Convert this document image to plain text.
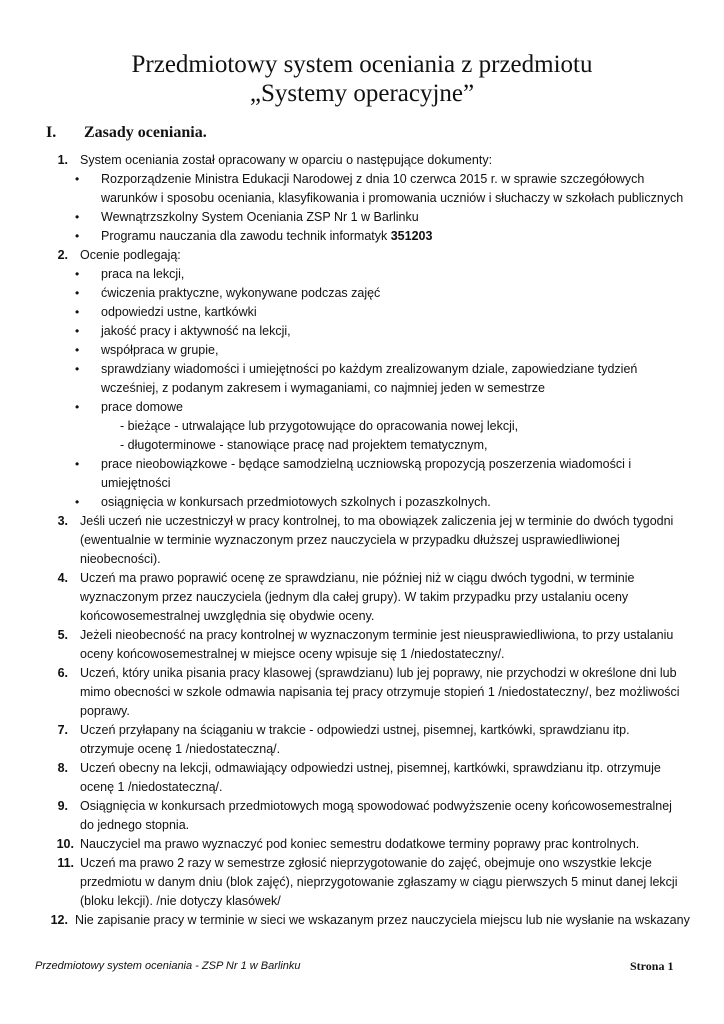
Przedmiotowy system oceniania z przedmiotu
„Systemy operacyjne”
I. Zasady oceniania.
1. System oceniania został opracowany w oparciu o następujące dokumenty:
• Rozporządzenie Ministra Edukacji Narodowej z dnia 10 czerwca 2015 r. w sprawie szczegółowych
warunków i sposobu oceniania, klasyfikowania i promowania uczniów i słuchaczy w szkołach publicznych
• Wewnątrzszkolny System Oceniania ZSP Nr 1 w Barlinku
• Programu nauczania dla zawodu technik informatyk 351203
2. Ocenie podlegają:
• praca na lekcji,
• ćwiczenia praktyczne, wykonywane podczas zajęć
• odpowiedzi ustne, kartkówki
• jakość pracy i aktywność na lekcji,
• współpraca w grupie,
• sprawdziany wiadomości i umiejętności po każdym zrealizowanym dziale, zapowiedziane tydzień
wcześniej, z podanym zakresem i wymaganiami, co najmniej jeden w semestrze
• prace domowe
- bieżące - utrwalające lub przygotowujące do opracowania nowej lekcji,
- długoterminowe - stanowiące pracę nad projektem tematycznym,
• prace nieobowiązkowe - będące samodzielną uczniowską propozycją poszerzenia wiadomości i
umiejętności
• osiągnięcia w konkursach przedmiotowych szkolnych i pozaszkolnych.
3. Jeśli uczeń nie uczestniczył w pracy kontrolnej, to ma obowiązek zaliczenia jej w terminie do dwóch tygodni
(ewentualnie w terminie wyznaczonym przez nauczyciela w przypadku dłuższej usprawiedliwionej
nieobecności).
4. Uczeń ma prawo poprawić ocenę ze sprawdzianu, nie później niż w ciągu dwóch tygodni, w terminie
wyznaczonym przez nauczyciela (jednym dla całej grupy). W takim przypadku przy ustalaniu oceny
końcowosemestralnej uwzględnia się obydwie oceny.
5. Jeżeli nieobecność na pracy kontrolnej w wyznaczonym terminie jest nieusprawiedliwiona, to przy ustalaniu
oceny końcowosemestralnej w miejsce oceny wpisuje się 1 /niedostateczny/.
6. Uczeń, który unika pisania pracy klasowej (sprawdzianu) lub jej poprawy, nie przychodzi w określone dni lub
mimo obecności w szkole odmawia napisania tej pracy otrzymuje stopień 1 /niedostateczny/, bez możliwości
poprawy.
7. Uczeń przyłapany na ściąganiu w trakcie - odpowiedzi ustnej, pisemnej, kartkówki, sprawdzianu itp.
otrzymuje ocenę 1 /niedostateczną/.
8. Uczeń obecny na lekcji, odmawiający odpowiedzi ustnej, pisemnej, kartkówki, sprawdzianu itp. otrzymuje
ocenę 1 /niedostateczną/.
9. Osiągnięcia w konkursach przedmiotowych mogą spowodować podwyższenie oceny końcowosemestralnej
do jednego stopnia.
10. Nauczyciel ma prawo wyznaczyć pod koniec semestru dodatkowe terminy poprawy prac kontrolnych.
11. Uczeń ma prawo 2 razy w semestrze zgłosić nieprzygotowanie do zajęć, obejmuje ono wszystkie lekcje
przedmiotu w danym dniu (blok zajęć), nieprzygotowanie zgłaszamy w ciągu pierwszych 5 minut danej lekcji
(bloku lekcji). /nie dotyczy klasówek/
12. Nie zapisanie pracy w terminie w sieci we wskazanym przez nauczyciela miejscu lub nie wysłanie na wskazany
Przedmiotowy system oceniania - ZSP Nr 1 w Barlinku	Strona 1
